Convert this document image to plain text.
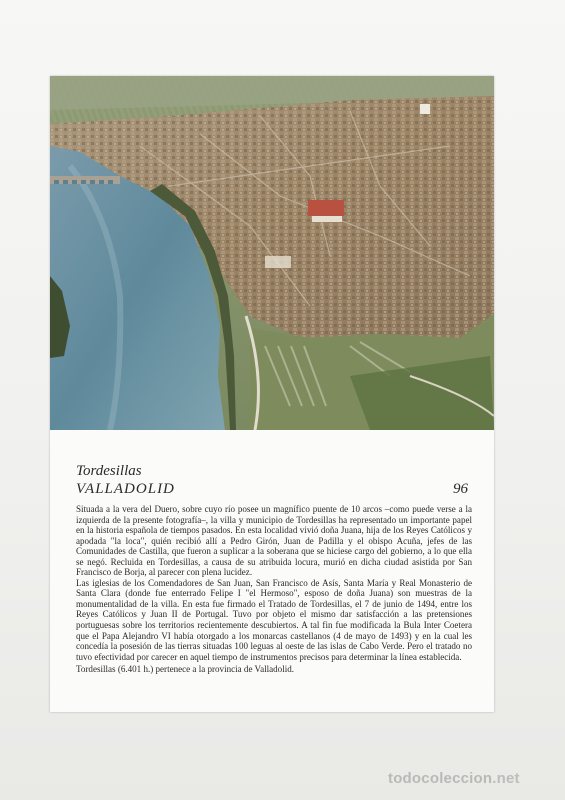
Tordesillas
VALLADOLID	96

Situada a la vera del Duero, sobre cuyo río posee un magnífico puente de 10 arcos –como puede verse a la izquierda de la presente fotografía–, la villa y municipio de Tordesillas ha representado un importante papel en la historia española de tiempos pasados. En esta localidad vivió doña Juana, hija de los Reyes Católicos y apodada "la loca", quién recibió allí a Pedro Girón, Juan de Padilla y el obispo Acuña, jefes de las Comunidades de Castilla, que fueron a suplicar a la soberana que se hiciese cargo del gobierno, a lo que ella se negó. Recluida en Tordesillas, a causa de su atribuida locura, murió en dicha ciudad asistida por San Francisco de Borja, al parecer con plena lucidez.

Las iglesias de los Comendadores de San Juan, San Francisco de Asís, Santa María y Real Monasterio de Santa Clara (donde fue enterrado Felipe I "el Hermoso", esposo de doña Juana) son muestras de la monumentalidad de la villa. En esta fue firmado el Tratado de Tordesillas, el 7 de junio de 1494, entre los Reyes Católicos y Juan II de Portugal. Tuvo por objeto el mismo dar satisfacción a las pretensiones portuguesas sobre los territorios recientemente descubiertos. A tal fin fue modificada la Bula Inter Coetera que el Papa Alejandro VI había otorgado a los monarcas castellanos (4 de mayo de 1493) y en la cual les concedía la posesión de las tierras situadas 100 leguas al oeste de las islas de Cabo Verde. Pero el tratado no tuvo efectividad por carecer en aquel tiempo de instrumentos precisos para determinar la línea establecida.

Tordesillas (6.401 h.) pertenece a la provincia de Valladolid.
todocoleccion.net
